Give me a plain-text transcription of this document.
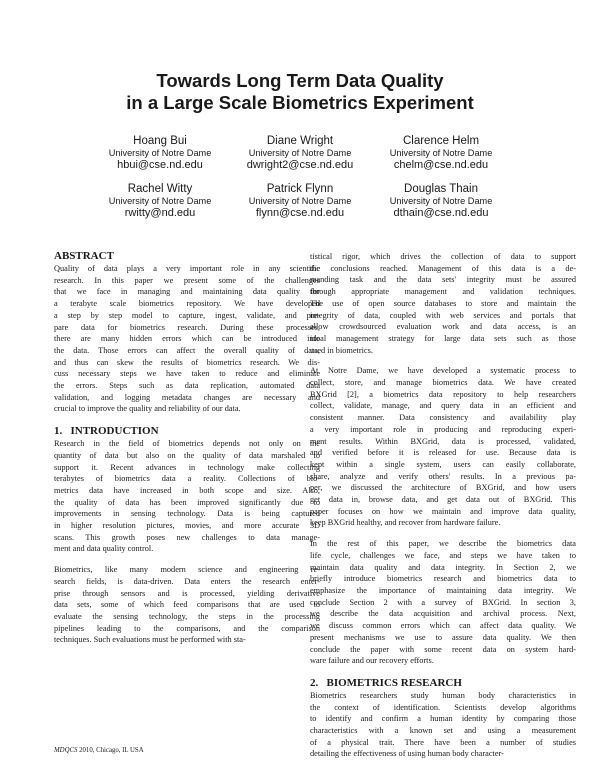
Towards Long Term Data Quality
in a Large Scale Biometrics Experiment
Hoang Bui
University of Notre Dame
hbui@cse.nd.edu
Diane Wright
University of Notre Dame
dwright2@cse.nd.edu
Clarence Helm
University of Notre Dame
chelm@cse.nd.edu
Rachel Witty
University of Notre Dame
rwitty@nd.edu
Patrick Flynn
University of Notre Dame
flynn@cse.nd.edu
Douglas Thain
University of Notre Dame
dthain@cse.nd.edu
ABSTRACT
Quality of data plays a very important role in any scientific
research. In this paper we present some of the challenges
that we face in managing and maintaining data quality for
a terabyte scale biometrics repository. We have developed
a step by step model to capture, ingest, validate, and pre-
pare data for biometrics research. During these processes,
there are many hidden errors which can be introduced into
the data. Those errors can affect the overall quality of data,
and thus can skew the results of biometrics research. We dis-
cuss necessary steps we have taken to reduce and eliminate
the errors. Steps such as data replication, automated data
validation, and logging metadata changes are necessary and
crucial to improve the quality and reliability of our data.
1.   INTRODUCTION
Research in the field of biometrics depends not only on the
quantity of data but also on the quality of data marshaled to
support it. Recent advances in technology make collecting
terabytes of biometrics data a reality. Collections of bio-
metrics data have increased in both scope and size. Also,
the quality of data has been improved significantly due to
improvements in sensing technology. Data is being captured
in higher resolution pictures, movies, and more accurate 3D
scans. This growth poses new challenges to data manage-
ment and data quality control.
Biometrics, like many modern science and engineering re-
search fields, is data-driven. Data enters the research enter-
prise through sensors and is processed, yielding derivative
data sets, some of which feed comparisons that are used to
evaluate the sensing technology, the steps in the processing
pipelines leading to the comparisons, and the comparison
techniques. Such evaluations must be performed with sta-
tistical rigor, which drives the collection of data to support
the conclusions reached. Management of this data is a de-
manding task and the data sets' integrity must be assured
through appropriate management and validation techniques.
The use of open source databases to store and maintain the
integrity of data, coupled with web services and portals that
allow crowdsourced evaluation work and data access, is an
ideal management strategy for large data sets such as those
used in biometrics.
At Notre Dame, we have developed a systematic process to
collect, store, and manage biometrics data. We have created
BXGrid [2], a biometrics data repository to help researchers
collect, validate, manage, and query data in an efficient and
consistent manner. Data consistency and availability play
a very important role in producing and reproducing experi-
ment results. Within BXGrid, data is processed, validated,
and verified before it is released for use. Because data is
kept within a single system, users can easily collaborate,
share, analyze and verify others' results. In a previous pa-
per, we discussed the architecture of BXGrid, and how users
get data in, browse data, and get data out of BXGrid. This
paper focuses on how we maintain and improve data quality,
keep BXGrid healthy, and recover from hardware failure.
In the rest of this paper, we describe the biometrics data
life cycle, challenges we face, and steps we have taken to
maintain data quality and data integrity. In Section 2, we
briefly introduce biometrics research and biometrics data to
emphasize the importance of maintaining data integrity. We
conclude Section 2 with a survey of BXGrid. In section 3,
we describe the data acquisition and archival process. Next,
we discuss common errors which can affect data quality. We
present mechanisms we use to assure data quality. We then
conclude the paper with some recent data on system hard-
ware failure and our recovery efforts.
2.   BIOMETRICS RESEARCH
Biometrics researchers study human body characteristics in
the context of identification. Scientists develop algorithms
to identify and confirm a human identity by comparing those
characteristics with a known set and using a measurement
of a physical trait. There have been a number of studies
detailing the effectiveness of using human body character-
MDQCS 2010, Chicago, IL USA
